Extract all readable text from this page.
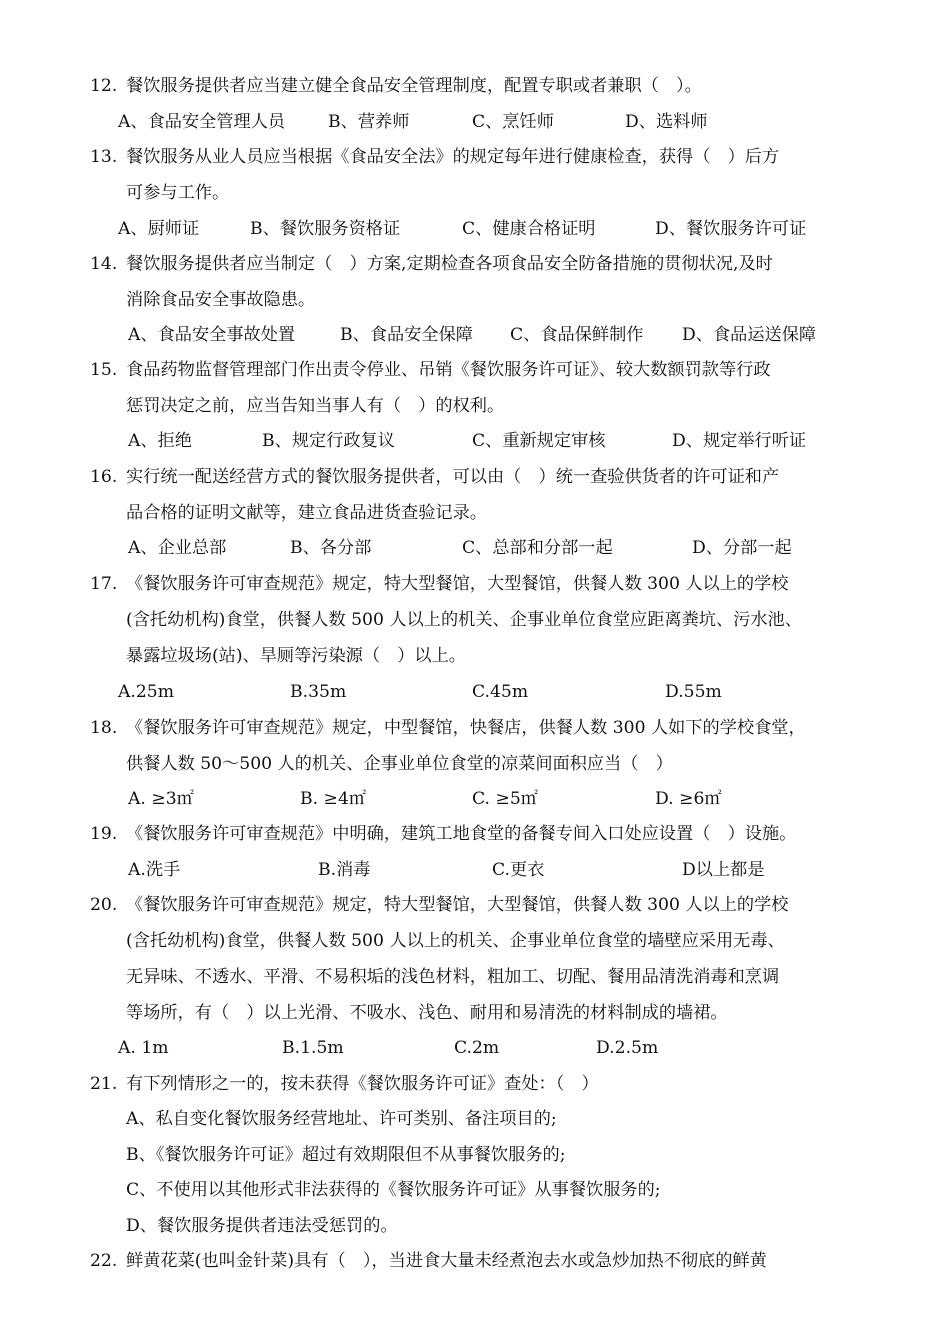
12. 餐饮服务提供者应当建立健全食品安全管理制度，配置专职或者兼职（　）。
A、食品安全管理人员 B、营养师	C、烹饪师	D、选料师
13. 餐饮服务从业人员应当根据《食品安全法》的规定每年进行健康检查，获得（　）后方
可参与工作。
A、厨师证	B、餐饮服务资格证	C、健康合格证明	D、餐饮服务许可证
14. 餐饮服务提供者应当制定（　）方案,定期检查各项食品安全防备措施的贯彻状况,及时
消除食品安全事故隐患。
A、食品安全事故处置	B、食品安全保障 C、食品保鲜制作 D、食品运送保障
15. 食品药物监督管理部门作出责令停业、吊销《餐饮服务许可证》、较大数额罚款等行政
惩罚决定之前，应当告知当事人有（　）的权利。
A、拒绝	B、规定行政复议	C、重新规定审核	D、规定举行听证
16. 实行统一配送经营方式的餐饮服务提供者，可以由（　）统一查验供货者的许可证和产
品合格的证明文献等，建立食品进货查验记录。
A、企业总部	B、各分部	C、总部和分部一起	D、分部一起
17. 《餐饮服务许可审查规范》规定，特大型餐馆，大型餐馆，供餐人数 300 人以上的学校
(含托幼机构)食堂，供餐人数 500 人以上的机关、企事业单位食堂应距离粪坑、污水池、
暴露垃圾场(站)、旱厕等污染源（　）以上。
A.25m	B.35m	C.45m	D.55m
18. 《餐饮服务许可审查规范》规定，中型餐馆，快餐店，供餐人数 300 人如下的学校食堂，
供餐人数 50～500 人的机关、企事业单位食堂的凉菜间面积应当（　）
A. ≥3㎡	B. ≥4㎡	C. ≥5㎡	D. ≥6㎡
19. 《餐饮服务许可审查规范》中明确，建筑工地食堂的备餐专间入口处应设置（　）设施。
A.洗手	B.消毒	C.更衣	D以上都是
20. 《餐饮服务许可审查规范》规定，特大型餐馆，大型餐馆，供餐人数 300 人以上的学校
(含托幼机构)食堂，供餐人数 500 人以上的机关、企事业单位食堂的墙壁应采用无毒、
无异味、不透水、平滑、不易积垢的浅色材料，粗加工、切配、餐用品清洗消毒和烹调
等场所，有（　）以上光滑、不吸水、浅色、耐用和易清洗的材料制成的墙裙。
A. 1m	B.1.5m	C.2m	D.2.5m
21. 有下列情形之一的，按未获得《餐饮服务许可证》查处：（　）
A、私自变化餐饮服务经营地址、许可类别、备注项目的;
B、《餐饮服务许可证》超过有效期限但不从事餐饮服务的;
C、不使用以其他形式非法获得的《餐饮服务许可证》从事餐饮服务的;
D、餐饮服务提供者违法受惩罚的。
22. 鲜黄花菜(也叫金针菜)具有（　），当进食大量未经煮泡去水或急炒加热不彻底的鲜黄
